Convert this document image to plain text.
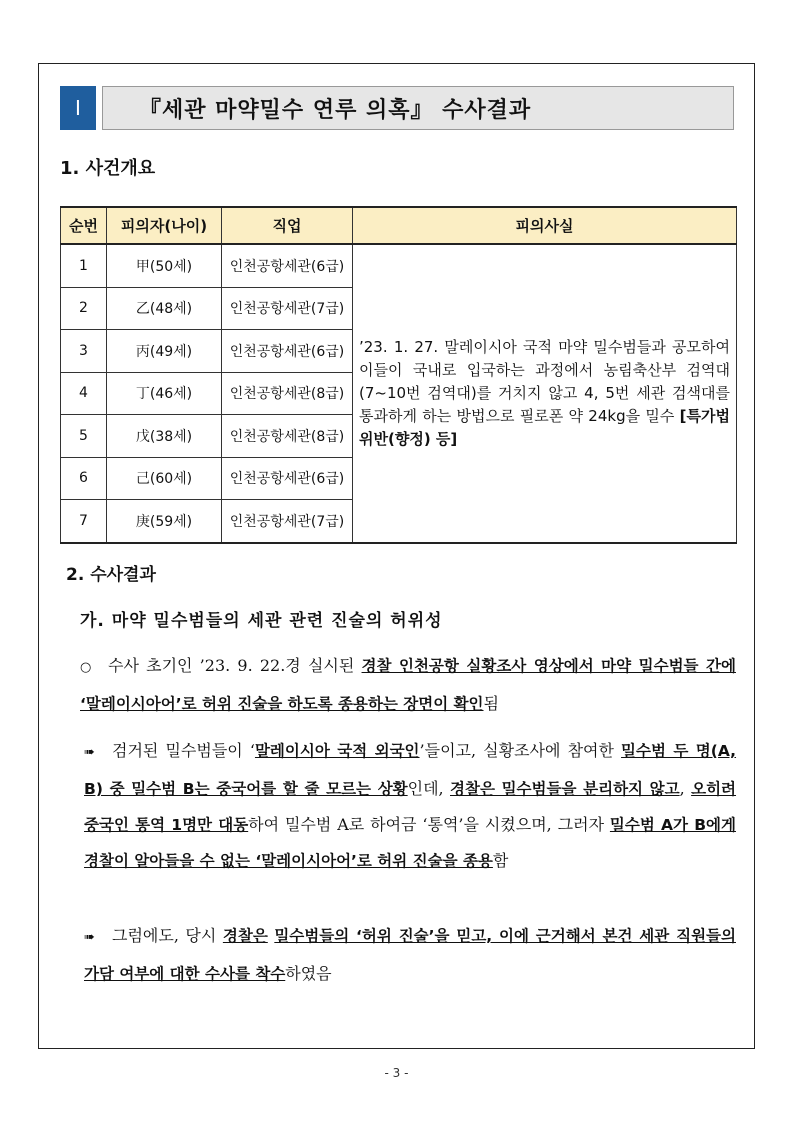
Ⅰ	『세관 마약밀수 연루 의혹』 수사결과
1. 사건개요
순번	피의자(나이)	직업	피의사실
1	甲(50세)	인천공항세관(6급)	’23. 1. 27. 말레이시아 국적 마약 밀수범들과 공모하여 이들이 국내로 입국하는 과정에서 농림축산부 검역대(7~10번 검역대)를 거치지 않고 4, 5번 세관 검색대를 통과하게 하는 방법으로 필로폰 약 24kg을 밀수 [특가법위반(향정) 등]
2	乙(48세)	인천공항세관(7급)	
3	丙(49세)	인천공항세관(6급)	
4	丁(46세)	인천공항세관(8급)	
5	戊(38세)	인천공항세관(8급)	
6	己(60세)	인천공항세관(6급)	
7	庚(59세)	인천공항세관(7급)	
2. 수사결과
가. 마약 밀수범들의 세관 관련 진술의 허위성
○ 수사 초기인 ’23. 9. 22.경 실시된 경찰 인천공항 실황조사 영상에서 마약 밀수범들 간에 ‘말레이시아어’로 허위 진술을 하도록 종용하는 장면이 확인됨
➠ 검거된 밀수범들이 ‘말레이시아 국적 외국인’들이고, 실황조사에 참여한 밀수범 두 명(A, B) 중 밀수범 B는 중국어를 할 줄 모르는 상황인데, 경찰은 밀수범들을 분리하지 않고, 오히려 중국인 통역 1명만 대동하여 밀수범 A로 하여금 ‘통역’을 시켰으며, 그러자 밀수범 A가 B에게 경찰이 알아들을 수 없는 ‘말레이시아어’로 허위 진술을 종용함
➠ 그럼에도, 당시 경찰은 밀수범들의 ‘허위 진술’을 믿고, 이에 근거해서 본건 세관 직원들의 가담 여부에 대한 수사를 착수하였음
- 3 -
